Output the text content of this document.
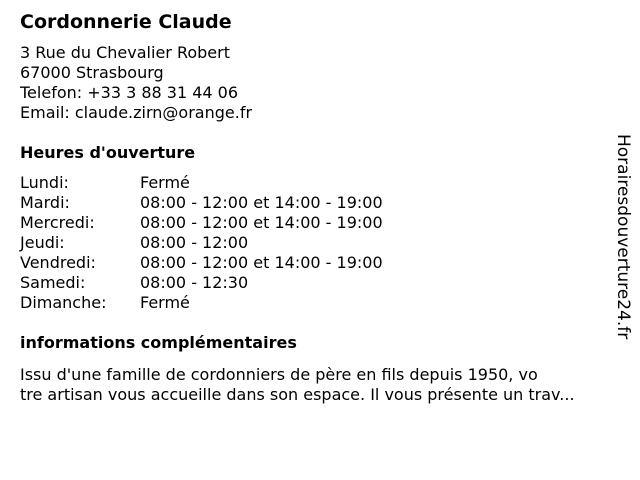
Cordonnerie Claude
3 Rue du Chevalier Robert
67000 Strasbourg
Telefon: +33 3 88 31 44 06
Email: claude.zirn@orange.fr
Heures d'ouverture
Lundi:	Fermé
Mardi:	08:00 - 12:00 et 14:00 - 19:00
Mercredi:	08:00 - 12:00 et 14:00 - 19:00
Jeudi:	08:00 - 12:00
Vendredi:	08:00 - 12:00 et 14:00 - 19:00
Samedi:	08:00 - 12:30
Dimanche: Fermé
informations complémentaires
Issu d'une famille de cordonniers de père en fils depuis 1950, vo
tre artisan vous accueille dans son espace. Il vous présente un trav...
Horairesdouverture24.fr
